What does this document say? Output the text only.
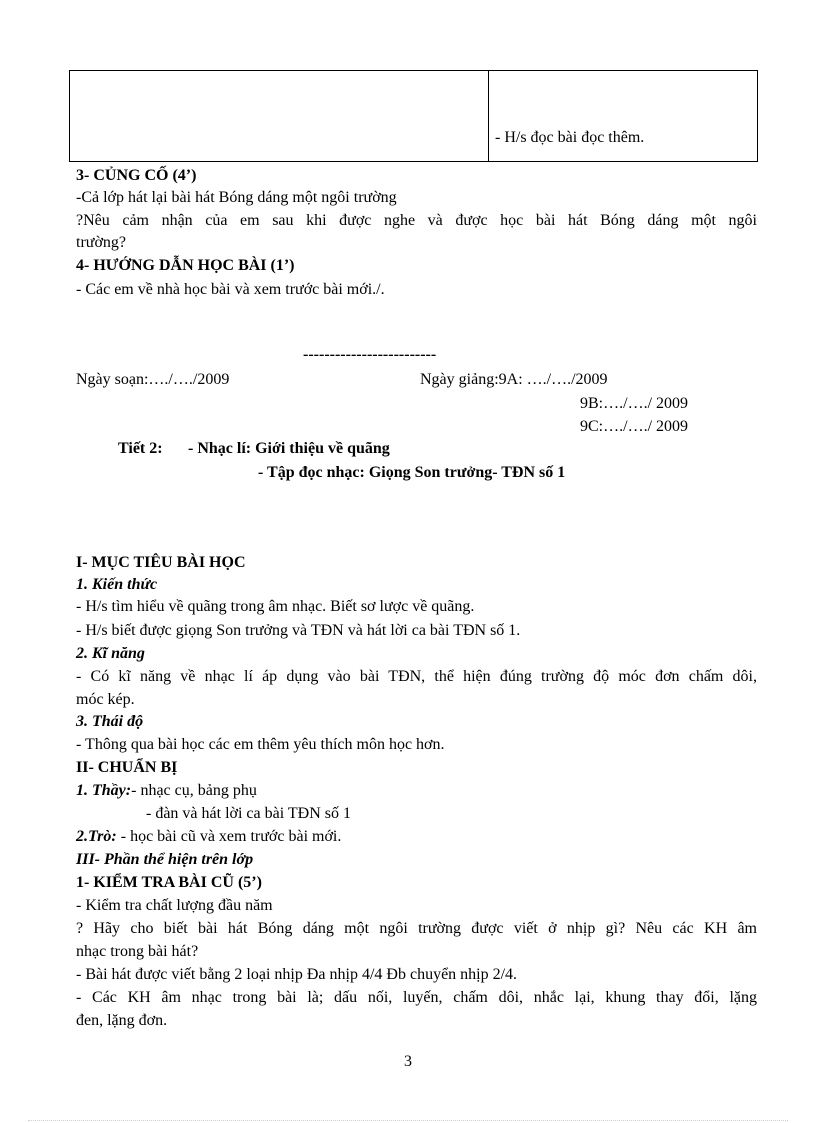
- H/s đọc bài đọc thêm.
3- CỦNG CỐ (4’)
-Cả lớp hát lại bài hát Bóng dáng một ngôi trường
?Nêu cảm nhận của em sau khi được nghe và được học bài hát Bóng dáng một ngôi
trường?
4- HƯỚNG DẪN HỌC BÀI (1’)
- Các em về nhà học bài và xem trước bài mới./.
-------------------------
Ngày soạn:…./…./2009	Ngày giảng:9A: …./…./2009
9B:…./…./ 2009
9C:…./…./ 2009
Tiết 2: - Nhạc lí: Giới thiệu về quãng
- Tập đọc nhạc: Giọng Son trưởng- TĐN số 1
I- MỤC TIÊU BÀI HỌC
1. Kiến thức
- H/s tìm hiểu về quãng trong âm nhạc. Biết sơ lược về quãng.
- H/s biết được giọng Son trưởng và TĐN và hát lời ca bài TĐN số 1.
2. Kĩ năng
- Có kĩ năng về nhạc lí áp dụng vào bài TĐN, thể hiện đúng trường độ móc đơn chấm dôi,
móc kép.
3. Thái độ
- Thông qua bài học các em thêm yêu thích môn học hơn.
II- CHUẨN BỊ
1. Thầy:- nhạc cụ, bảng phụ
- đàn và hát lời ca bài TĐN số 1
2.Trò: - học bài cũ và xem trước bài mới.
III- Phần thể hiện trên lớp
1- KIỂM TRA BÀI CŨ (5’)
- Kiểm tra chất lượng đầu năm
? Hãy cho biết bài hát Bóng dáng một ngôi trường được viết ở nhịp gì? Nêu các KH âm
nhạc trong bài hát?
- Bài hát được viết bằng 2 loại nhịp Đa nhịp 4/4 Đb chuyển nhịp 2/4.
- Các KH âm nhạc trong bài là; dấu nối, luyến, chấm dôi, nhắc lại, khung thay đổi, lặng
đen, lặng đơn.
3
